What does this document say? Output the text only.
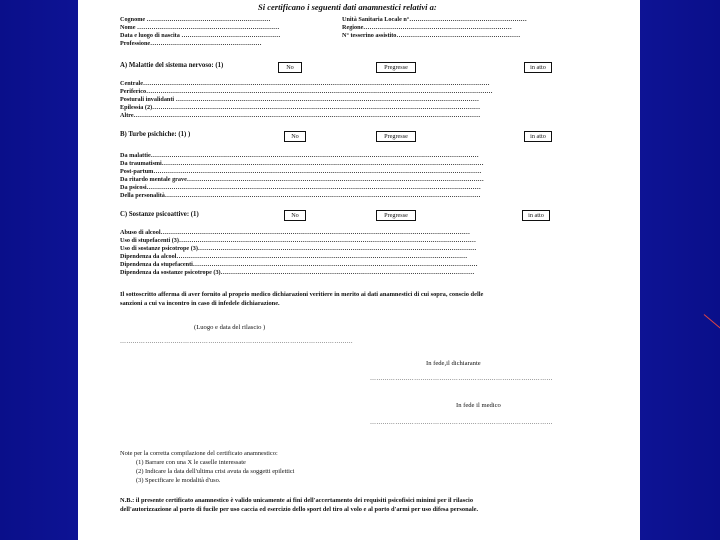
Si certificano i seguenti dati anamnestici relativi a:
Cognome ……………………………………………………
Nome ……………………………………………………………
Data e luogo di nascita …………………………………………
Professione………………………………………………
Unità Sanitaria Locale n°…………………………………………………
Regione………………………………………………………………
N° tesserino assistito……………………………………………………
A) Malattie del sistema nervoso: (1)	No	Pregresse	in atto
Centrale……………………………………………………………………………………………………………………………………………………
Periferico……………………………………………………………………………………………………………………………………………………
Posturali invalidanti …………………………………………………………………………………………………………………………………
Epilessia (2)……………………………………………………………………………………………………………………………………………
Altre……………………………………………………………………………………………………………………………………………………
B) Turbe psichiche: (1) )	No	Pregresse	in atto
Da malattie……………………………………………………………………………………………………………………………………………
Da traumatismi…………………………………………………………………………………………………………………………………………
Post-partum……………………………………………………………………………………………………………………………………………
Da ritardo mentale grave………………………………………………………………………………………………………………………………
Da psicosi………………………………………………………………………………………………………………………………………………
Della personalità………………………………………………………………………………………………………………………………………
C) Sostanze psicoattive: (1)	No	Pregresse	in atto
Abuso di alcool……………………………………………………………………………………………………………………………………
Uso di stupefacenti (3)………………………………………………………………………………………………………………………………
Uso di sostanze psicotrope (3)………………………………………………………………………………………………………………………
Dipendenza da alcool……………………………………………………………………………………………………………………………
Dipendenza da stupefacenti…………………………………………………………………………………………………………………………
Dipendenza da sostanze psicotrope (3)……………………………………………………………………………………………………………
Il sottoscritto afferma di aver fornito al proprio medico dichiarazioni veritiere in merito ai dati anamnestici di cui sopra, conscio delle
sanzioni a cui va incontro in caso di infedele dichiarazione.
(Luogo e data del rilascio )
…………………………………………………………………………………………………
In fede,il dichiarante
……………………………………………………………………………
In fede il medico
……………………………………………………………………………
Note per la corretta compilazione del certificato anamnestico:
(1) Barrare con una X le caselle interessate
(2) Indicare la data dell'ultima crisi avuta da soggetti epilettici
(3) Specificare le modalità d'uso.
N.B.: il presente certificato anamnestico è valido unicamente ai fini dell'accertamento dei requisiti psicofisici minimi per il rilascio
dell'autorizzazione al porto di fucile per uso caccia ed esercizio dello sport del tiro al volo e al porto d'armi per uso difesa personale.
